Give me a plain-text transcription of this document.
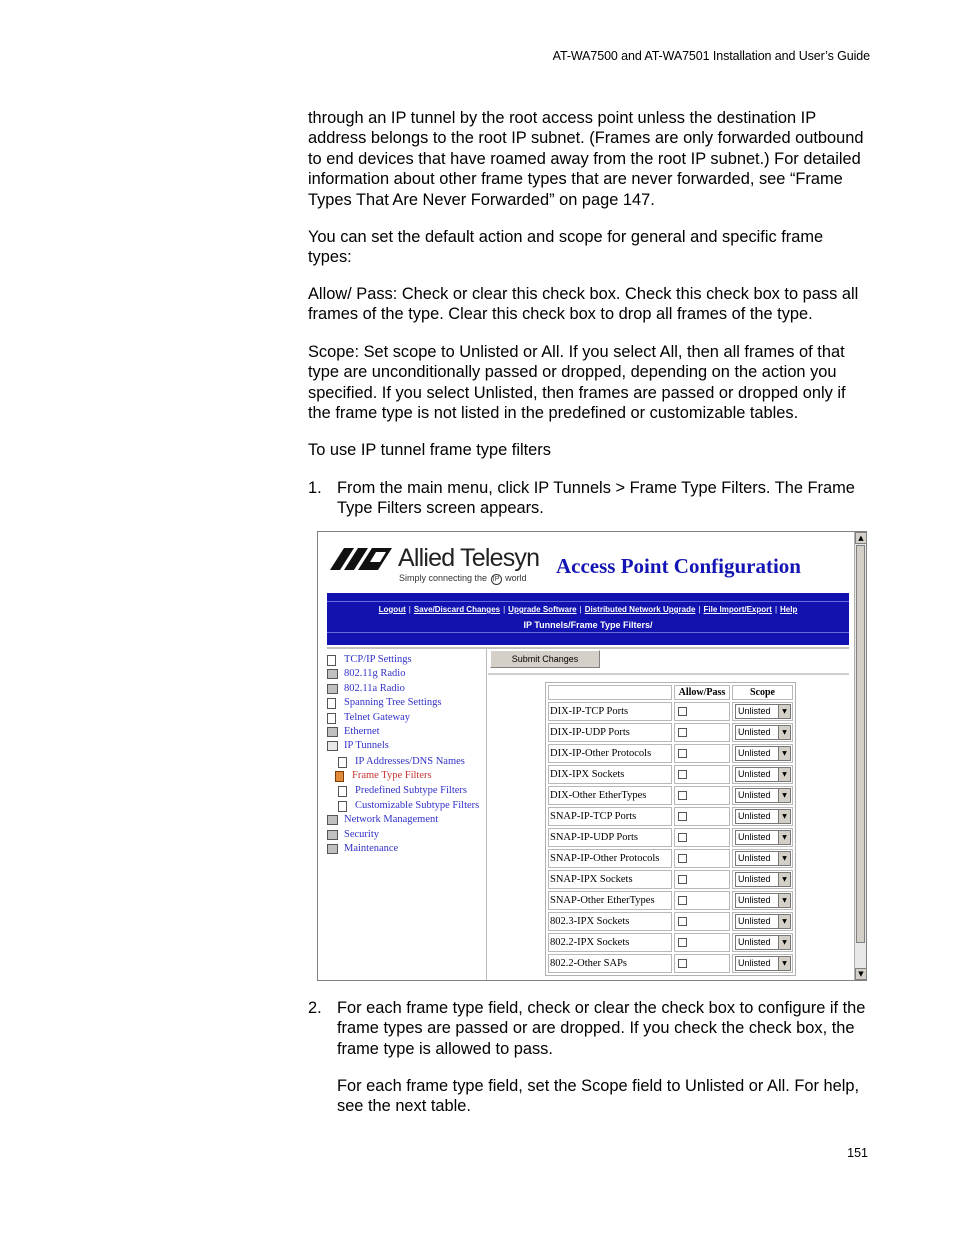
AT-WA7500 and AT-WA7501 Installation and User’s Guide

through an IP tunnel by the root access point unless the destination IP address belongs to the root IP subnet. (Frames are only forwarded outbound to end devices that have roamed away from the root IP subnet.) For detailed information about other frame types that are never forwarded, see “Frame Types That Are Never Forwarded” on page 147.

You can set the default action and scope for general and specific frame types:

Allow/ Pass: Check or clear this check box. Check this check box to pass all frames of the type. Clear this check box to drop all frames of the type.

Scope: Set scope to Unlisted or All. If you select All, then all frames of that type are unconditionally passed or dropped, depending on the action you specified. If you select Unlisted, then frames are passed or dropped only if the frame type is not listed in the predefined or customizable tables.

To use IP tunnel frame type filters

1. From the main menu, click IP Tunnels > Frame Type Filters. The Frame Type Filters screen appears.
Allied Telesyn
Simply connecting the IP world Access Point Configuration
Logout | Save/Discard Changes | Upgrade Software | Distributed Network Upgrade | File Import/Export | Help
IP Tunnels/Frame Type Filters/
TCP/IP Settings
802.11g Radio
802.11a Radio
Spanning Tree Settings
Telnet Gateway
Ethernet
IP Tunnels
IP Addresses/DNS Names
Frame Type Filters
Predefined Subtype Filters
Customizable Subtype Filters
Network Management
Security
Maintenance
Submit Changes
	Allow/Pass	Scope
DIX-IP-TCP Ports		Unlisted ▼

DIX-IP-UDP Ports		Unlisted ▼

DIX-IP-Other Protocols		Unlisted ▼

DIX-IPX Sockets		Unlisted ▼

DIX-Other EtherTypes		Unlisted ▼

SNAP-IP-TCP Ports		Unlisted ▼

SNAP-IP-UDP Ports		Unlisted ▼

SNAP-IP-Other Protocols		Unlisted ▼

SNAP-IPX Sockets		Unlisted ▼

SNAP-Other EtherTypes		Unlisted ▼

802.3-IPX Sockets		Unlisted ▼

802.2-IPX Sockets		Unlisted ▼

802.2-Other SAPs		Unlisted ▼
▲
▼
2. For each frame type field, check or clear the check box to configure if the frame types are passed or are dropped. If you check the check box, the frame type is allowed to pass.
For each frame type field, set the Scope field to Unlisted or All. For help, see the next table.
151
